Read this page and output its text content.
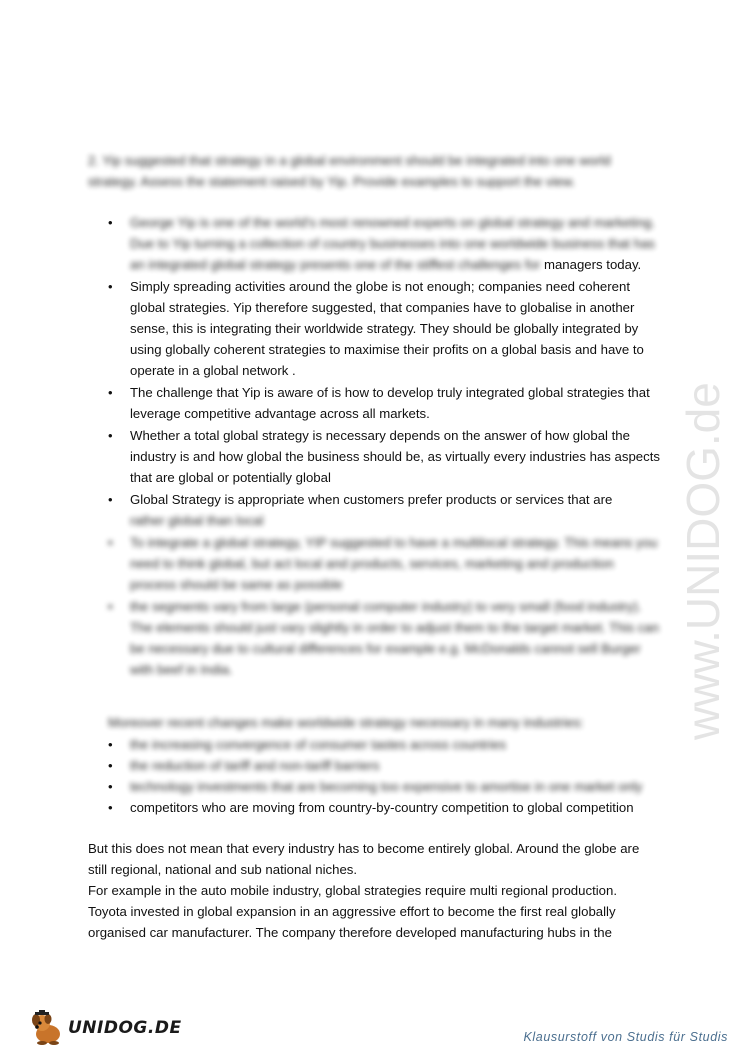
2. Yip suggested that strategy in a global environment should be integrated into one world strategy. Assess the statement raised by Yip. Provide examples to support the view.
• George Yip is one of the world's most renowned experts on global strategy and marketing. Due to Yip turning a collection of country businesses into one worldwide business that has an integrated global strategy presents one of the stiffest challenges for managers today.
• Simply spreading activities around the globe is not enough; companies need coherent global strategies. Yip therefore suggested, that companies have to globalise in another sense, this is integrating their worldwide strategy. They should be globally integrated by using globally coherent strategies to maximise their profits on a global basis and have to operate in a global network .
• The challenge that Yip is aware of is how to develop truly integrated global strategies that leverage competitive advantage across all markets.
• Whether a total global strategy is necessary depends on the answer of how global the industry is and how global the business should be, as virtually every industries has aspects that are global or potentially global
• Global Strategy is appropriate when customers prefer products or services that are
rather global than local
• To integrate a global strategy, YIP suggested to have a multilocal strategy. This means you need to think global, but act local and products, services, marketing and production process should be same as possible
• the segments vary from large (personal computer industry) to very small (food industry). The elements should just vary slightly in order to adjust them to the target market. This can be necessary due to cultural differences for example e.g. McDonalds cannot sell Burger with beef in India.
Moreover recent changes make worldwide strategy necessary in many industries:
• the increasing convergence of consumer tastes across countries
• the reduction of tariff and non-tariff barriers
• technology investments that are becoming too expensive to amortise in one market only
• competitors who are moving from country-by-country competition to global competition
But this does not mean that every industry has to become entirely global. Around the globe are still regional, national and sub national niches.
For example in the auto mobile industry, global strategies require multi regional production. Toyota invested in global expansion in an aggressive effort to become the first real globally organised car manufacturer. The company therefore developed manufacturing hubs in the
www.UNIDOG.de
UNIDOG.DE	Klausurstoff von Studis für Studis
